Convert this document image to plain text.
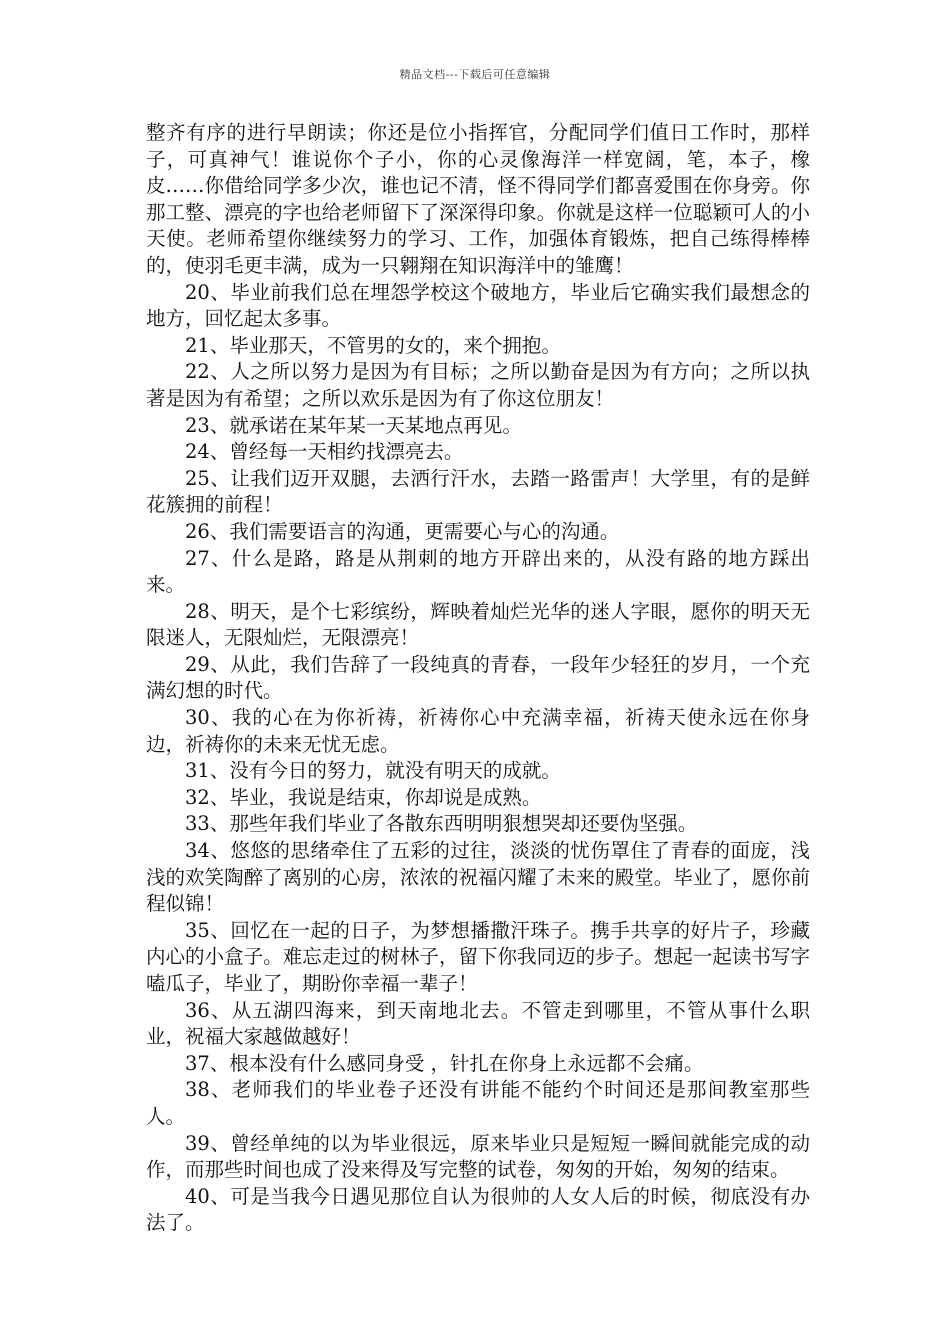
精品文档---下载后可任意编辑

整齐有序的进行早朗读；你还是位小指挥官，分配同学们值日工作时，那样子，可真神气！谁说你个子小，你的心灵像海洋一样宽阔，笔，本子，橡皮……你借给同学多少次，谁也记不清，怪不得同学们都喜爱围在你身旁。你那工整、漂亮的字也给老师留下了深深得印象。你就是这样一位聪颖可人的小天使。老师希望你继续努力的学习、工作，加强体育锻炼，把自己练得棒棒的，使羽毛更丰满，成为一只翱翔在知识海洋中的雏鹰！

20、毕业前我们总在埋怨学校这个破地方，毕业后它确实我们最想念的地方，回忆起太多事。

21、毕业那天，不管男的女的，来个拥抱。

22、人之所以努力是因为有目标；之所以勤奋是因为有方向；之所以执著是因为有希望；之所以欢乐是因为有了你这位朋友！

23、就承诺在某年某一天某地点再见。

24、曾经每一天相约找漂亮去。

25、让我们迈开双腿，去洒行汗水，去踏一路雷声！大学里，有的是鲜花簇拥的前程！

26、我们需要语言的沟通，更需要心与心的沟通。

27、什么是路，路是从荆刺的地方开辟出来的，从没有路的地方踩出来。

28、明天，是个七彩缤纷，辉映着灿烂光华的迷人字眼，愿你的明天无限迷人，无限灿烂，无限漂亮！

29、从此，我们告辞了一段纯真的青春，一段年少轻狂的岁月，一个充满幻想的时代。

30、我的心在为你祈祷，祈祷你心中充满幸福，祈祷天使永远在你身边，祈祷你的未来无忧无虑。

31、没有今日的努力，就没有明天的成就。

32、毕业，我说是结束，你却说是成熟。

33、那些年我们毕业了各散东西明明狠想哭却还要伪坚强。

34、悠悠的思绪牵住了五彩的过往，淡淡的忧伤罩住了青春的面庞，浅浅的欢笑陶醉了离别的心房，浓浓的祝福闪耀了未来的殿堂。毕业了，愿你前程似锦！

35、回忆在一起的日子，为梦想播撒汗珠子。携手共享的好片子，珍藏内心的小盒子。难忘走过的树林子，留下你我同迈的步子。想起一起读书写字嗑瓜子，毕业了，期盼你幸福一辈子！

36、从五湖四海来，到天南地北去。不管走到哪里，不管从事什么职业，祝福大家越做越好！

37、根本没有什么感同身受 ，针扎在你身上永远都不会痛。

38、老师我们的毕业卷子还没有讲能不能约个时间还是那间教室那些人。

39、曾经单纯的以为毕业很远，原来毕业只是短短一瞬间就能完成的动作，而那些时间也成了没来得及写完整的试卷，匆匆的开始，匆匆的结束。

40、可是当我今日遇见那位自认为很帅的人女人后的时候，彻底没有办法了。
